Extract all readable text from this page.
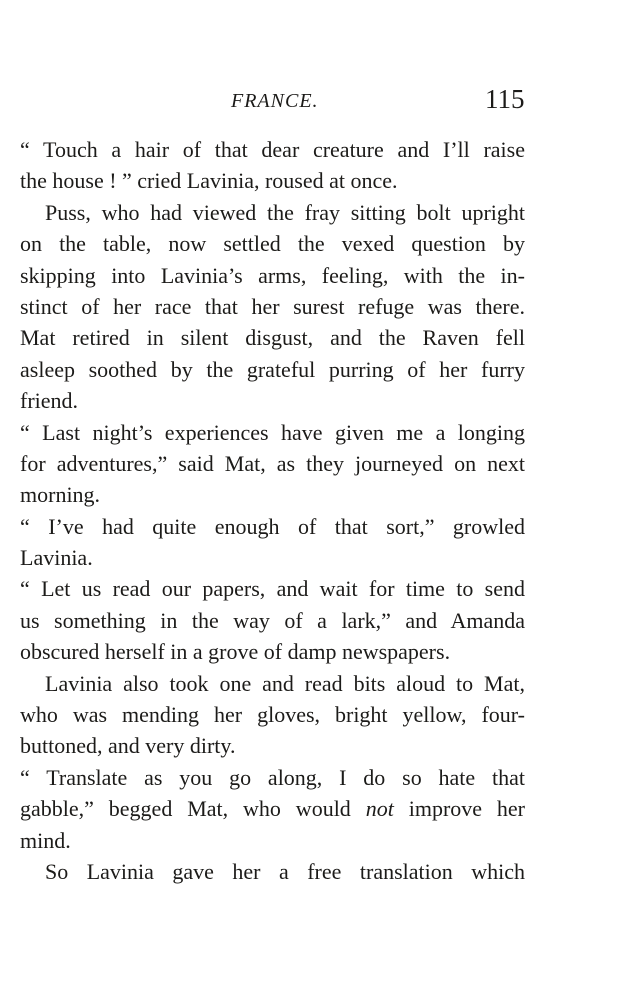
FRANCE.	115
“ Touch a hair of that dear creature and I’ll raise
the house ! ” cried Lavinia, roused at once.
Puss, who had viewed the fray sitting bolt upright
on the table, now settled the vexed question by
skipping into Lavinia’s arms, feeling, with the in-
stinct of her race that her surest refuge was there.
Mat retired in silent disgust, and the Raven fell
asleep soothed by the grateful purring of her furry
friend.
“ Last night’s experiences have given me a longing
for adventures,” said Mat, as they journeyed on next
morning.
“ I’ve had quite enough of that sort,” growled
Lavinia.
“ Let us read our papers, and wait for time to send
us something in the way of a lark,” and Amanda
obscured herself in a grove of damp newspapers.
Lavinia also took one and read bits aloud to Mat,
who was mending her gloves, bright yellow, four-
buttoned, and very dirty.
“ Translate as you go along, I do so hate that
gabble,” begged Mat, who would not improve her
mind.
So Lavinia gave her a free translation which
